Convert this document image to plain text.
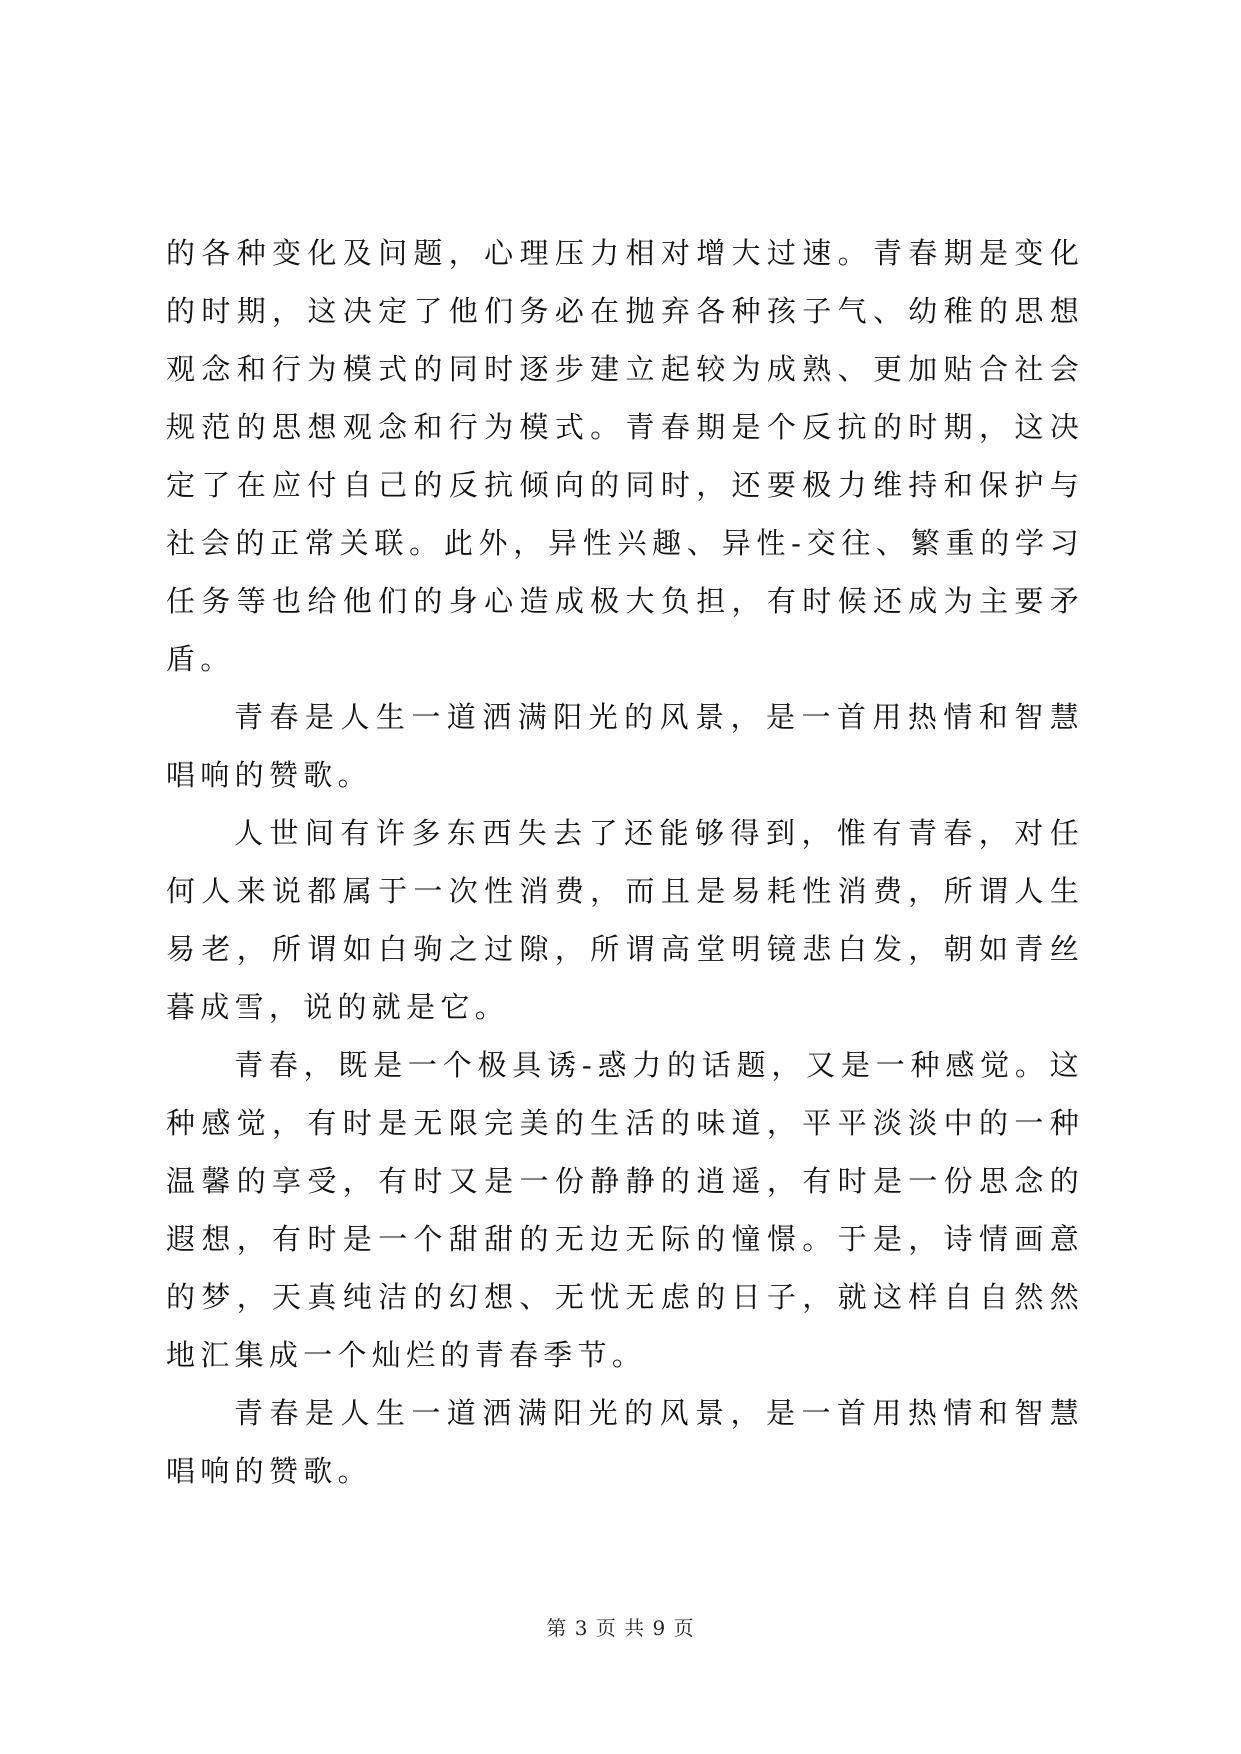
的各种变化及问题，心理压力相对增大过速。青春期是变化的时期，这决定了他们务必在抛弃各种孩子气、幼稚的思想观念和行为模式的同时逐步建立起较为成熟、更加贴合社会规范的思想观念和行为模式。青春期是个反抗的时期，这决定了在应付自己的反抗倾向的同时，还要极力维持和保护与社会的正常关联。此外，异性兴趣、异性-交往、繁重的学习任务等也给他们的身心造成极大负担，有时候还成为主要矛盾。

青春是人生一道洒满阳光的风景，是一首用热情和智慧唱响的赞歌。

人世间有许多东西失去了还能够得到，惟有青春，对任何人来说都属于一次性消费，而且是易耗性消费，所谓人生易老，所谓如白驹之过隙，所谓高堂明镜悲白发，朝如青丝暮成雪，说的就是它。

青春，既是一个极具诱-惑力的话题，又是一种感觉。这种感觉，有时是无限完美的生活的味道，平平淡淡中的一种温馨的享受，有时又是一份静静的逍遥，有时是一份思念的遐想，有时是一个甜甜的无边无际的憧憬。于是，诗情画意的梦，天真纯洁的幻想、无忧无虑的日子，就这样自自然然地汇集成一个灿烂的青春季节。

青春是人生一道洒满阳光的风景，是一首用热情和智慧唱响的赞歌。

第 3 页 共 9 页
